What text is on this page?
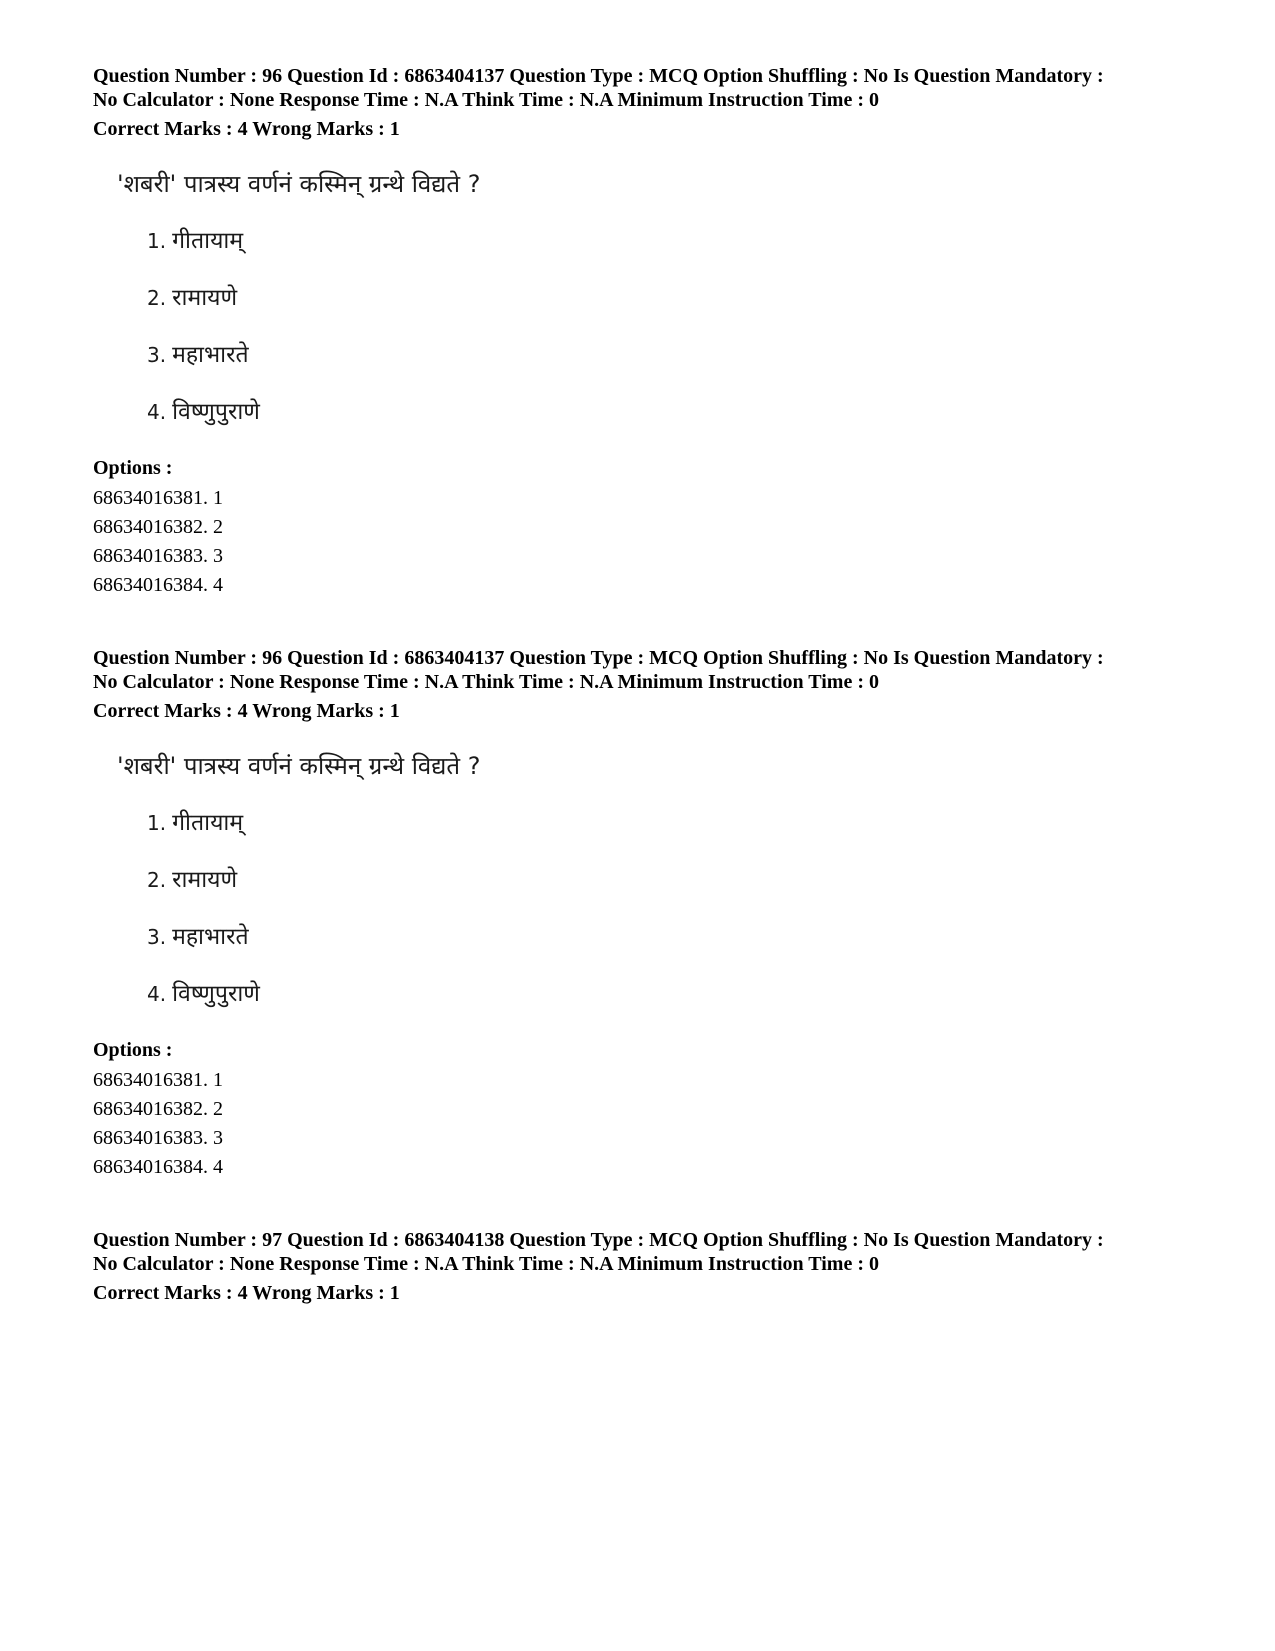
Question Number : 96 Question Id : 6863404137 Question Type : MCQ Option Shuffling : No Is Question Mandatory :

No Calculator : None Response Time : N.A Think Time : N.A Minimum Instruction Time : 0

Correct Marks : 4 Wrong Marks : 1

'शबरी' पात्रस्य वर्णनं कस्मिन् ग्रन्थे विद्यते ?
1. गीतायाम्
2. रामायणे
3. महाभारते
4. विष्णुपुराणे

Options :

68634016381. 1

68634016382. 2

68634016383. 3

68634016384. 4

Question Number : 96 Question Id : 6863404137 Question Type : MCQ Option Shuffling : No Is Question Mandatory :

No Calculator : None Response Time : N.A Think Time : N.A Minimum Instruction Time : 0

Correct Marks : 4 Wrong Marks : 1

'शबरी' पात्रस्य वर्णनं कस्मिन् ग्रन्थे विद्यते ?
1. गीतायाम्
2. रामायणे
3. महाभारते
4. विष्णुपुराणे

Options :

68634016381. 1

68634016382. 2

68634016383. 3

68634016384. 4

Question Number : 97 Question Id : 6863404138 Question Type : MCQ Option Shuffling : No Is Question Mandatory :

No Calculator : None Response Time : N.A Think Time : N.A Minimum Instruction Time : 0

Correct Marks : 4 Wrong Marks : 1
